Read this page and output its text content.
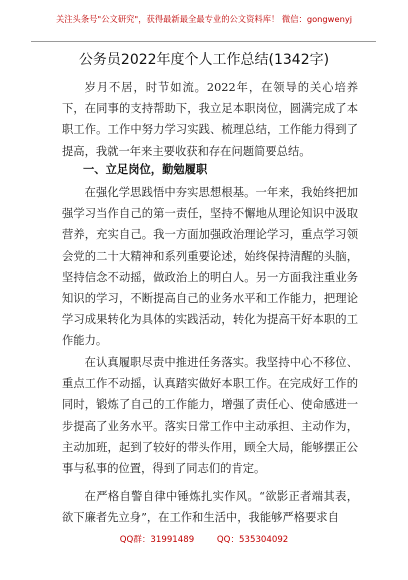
关注头条号"公文研究"，获得最新最全最专业的公文资料库！ 微信：gongwenyj
公务员2022年度个人工作总结(1342字)

岁月不居，时节如流。2022年，在领导的关心培养下，在同事的支持帮助下，我立足本职岗位，圆满完成了本职工作。工作中努力学习实践、梳理总结，工作能力得到了提高，我就一年来主要收获和存在问题简要总结。

一、立足岗位，勤勉履职

在强化学思践悟中夯实思想根基。一年来，我始终把加强学习当作自己的第一责任，坚持不懈地从理论知识中汲取营养，充实自己。我一方面加强政治理论学习，重点学习领会党的二十大精神和系列重要论述，始终保持清醒的头脑，坚持信念不动摇，做政治上的明白人。另一方面我注重业务知识的学习，不断提高自己的业务水平和工作能力，把理论学习成果转化为具体的实践活动，转化为提高干好本职的工作能力。

在认真履职尽责中推进任务落实。我坚持中心不移位、重点工作不动摇，认真踏实做好本职工作。在完成好工作的同时，锻炼了自己的工作能力，增强了责任心、使命感进一步提高了业务水平。落实日常工作中主动承担、主动作为，主动加班，起到了较好的带头作用，顾全大局，能够摆正公事与私事的位置，得到了同志们的肯定。

在严格自警自律中锤炼扎实作风。“欲影正者端其表，欲下廉者先立身”，在工作和生活中，我能够严格要求自

QQ群：31991489	QQ：535304092
